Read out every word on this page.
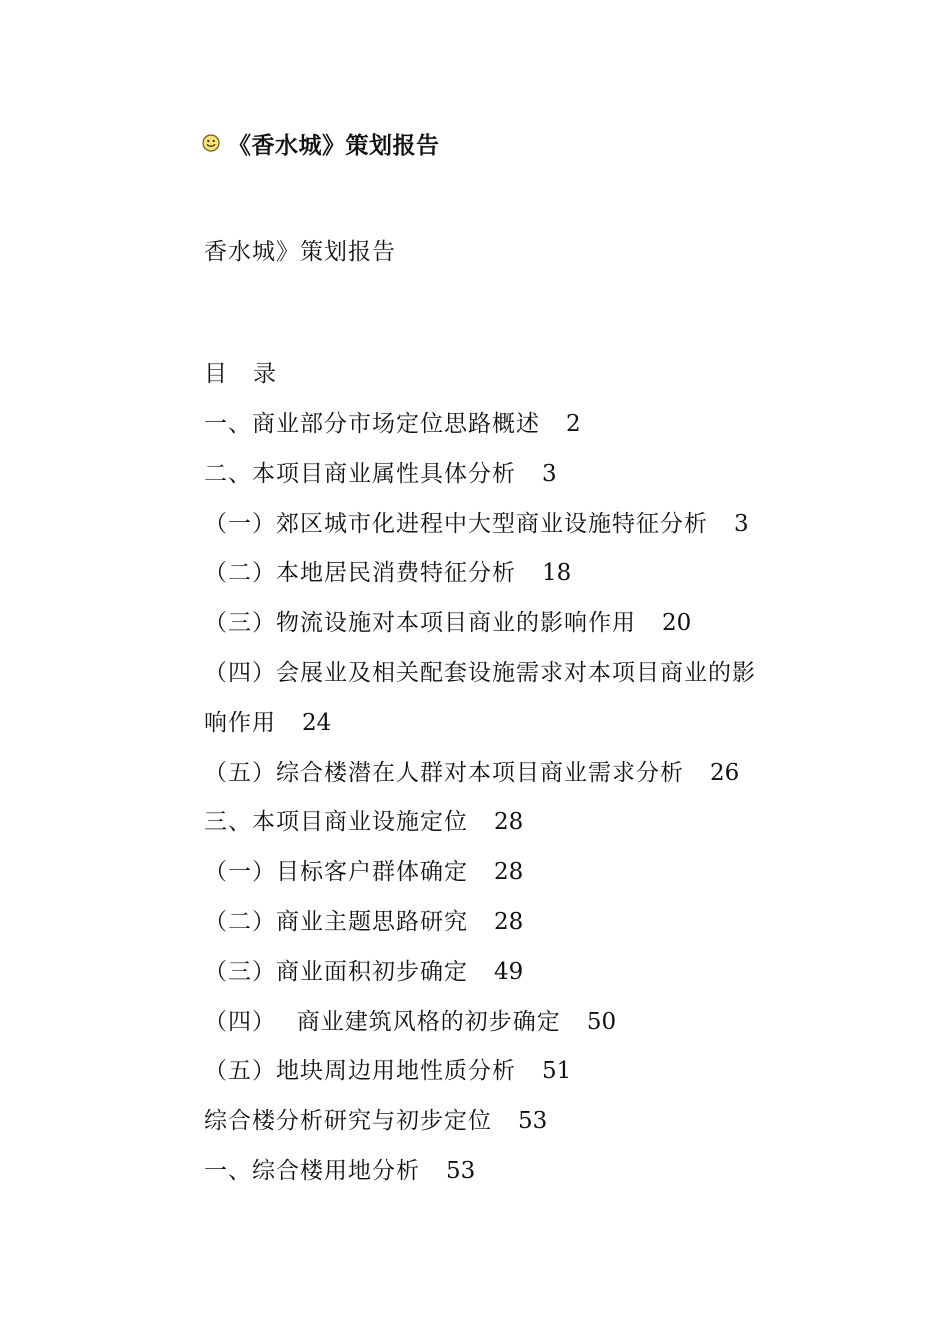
《香水城》策划报告
香水城》策划报告
目 录
一、商业部分市场定位思路概述 2
二、本项目商业属性具体分析 3
（一）郊区城市化进程中大型商业设施特征分析 3
（二）本地居民消费特征分析 18
（三）物流设施对本项目商业的影响作用 20
（四）会展业及相关配套设施需求对本项目商业的影
响作用 24
（五）综合楼潜在人群对本项目商业需求分析 26
三、本项目商业设施定位 28
（一）目标客户群体确定 28
（二）商业主题思路研究 28
（三）商业面积初步确定 49
（四）　 商业建筑风格的初步确定 50
（五）地块周边用地性质分析 51
综合楼分析研究与初步定位 53
一、综合楼用地分析 53
